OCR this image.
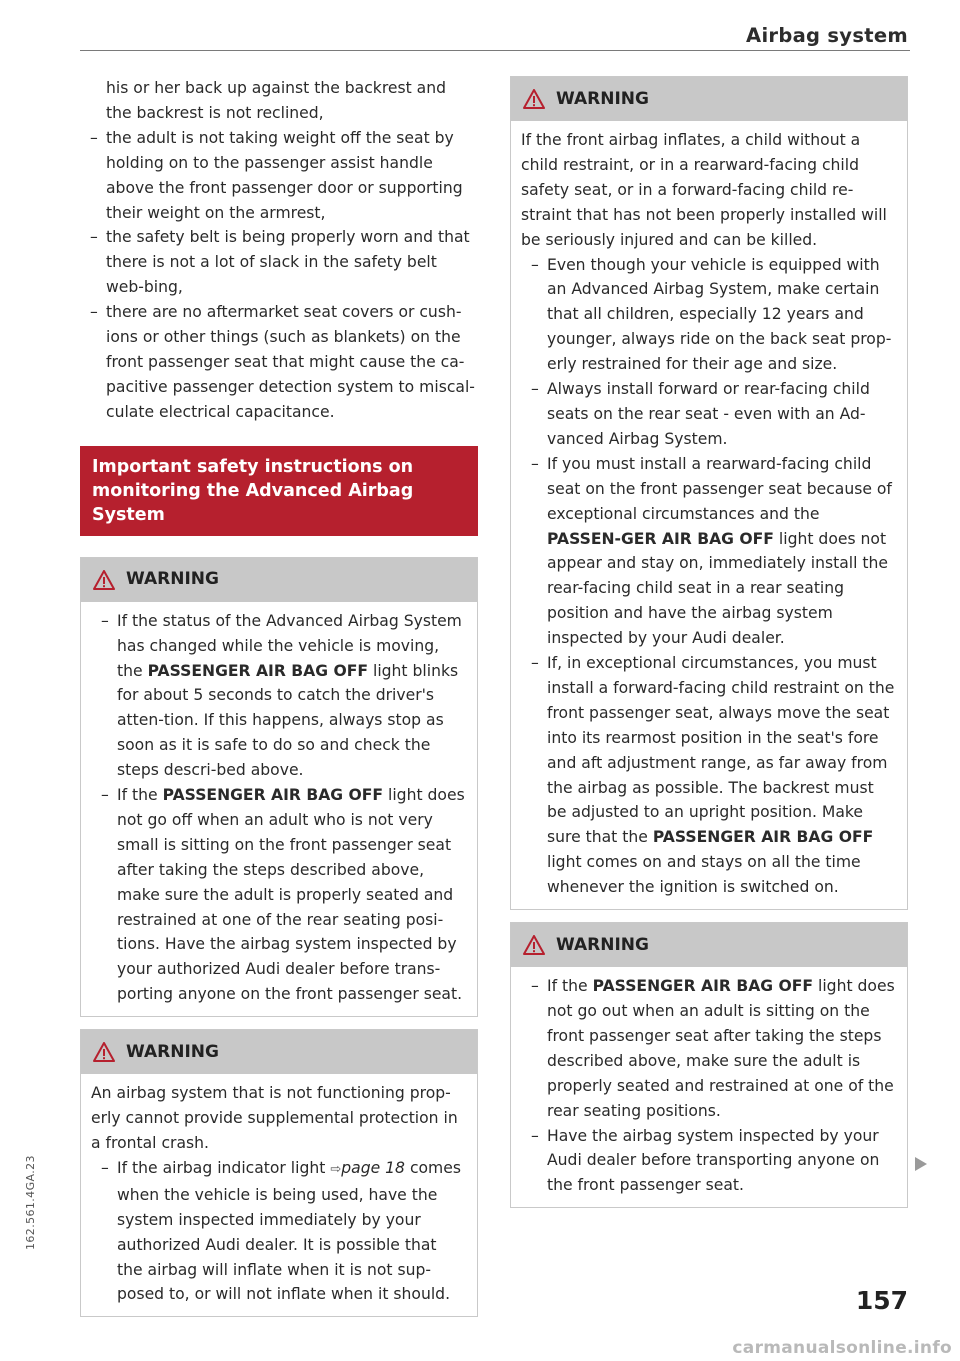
Airbag system
his or her back up against the backrest and the backrest is not reclined,
– the adult is not taking weight off the seat by holding on to the passenger assist handle above the front passenger door or supporting their weight on the armrest,
– the safety belt is being properly worn and that there is not a lot of slack in the safety belt web-bing,
– there are no aftermarket seat covers or cush-ions or other things (such as blankets) on the front passenger seat that might cause the ca-pacitive passenger detection system to miscal-culate electrical capacitance.
Important safety instructions on monitoring the Advanced Airbag System
WARNING
– If the status of the Advanced Airbag System has changed while the vehicle is moving, the PASSENGER AIR BAG OFF light blinks for about 5 seconds to catch the driver's atten-tion. If this happens, always stop as soon as it is safe to do so and check the steps descri-bed above.
– If the PASSENGER AIR BAG OFF light does not go off when an adult who is not very small is sitting on the front passenger seat after taking the steps described above, make sure the adult is properly seated and restrained at one of the rear seating posi-tions. Have the airbag system inspected by your authorized Audi dealer before trans-porting anyone on the front passenger seat.
WARNING
An airbag system that is not functioning prop-erly cannot provide supplemental protection in a frontal crash.
– If the airbag indicator light ⇨page 18 comes when the vehicle is being used, have the system inspected immediately by your authorized Audi dealer. It is possible that the airbag will inflate when it is not sup-posed to, or will not inflate when it should.
WARNING
If the front airbag inflates, a child without a child restraint, or in a rearward-facing child safety seat, or in a forward-facing child re-straint that has not been properly installed will be seriously injured and can be killed.
– Even though your vehicle is equipped with an Advanced Airbag System, make certain that all children, especially 12 years and younger, always ride on the back seat prop-erly restrained for their age and size.
– Always install forward or rear-facing child seats on the rear seat - even with an Ad-vanced Airbag System.
– If you must install a rearward-facing child seat on the front passenger seat because of exceptional circumstances and the PASSEN-GER AIR BAG OFF light does not appear and stay on, immediately install the rear-facing child seat in a rear seating position and have the airbag system inspected by your Audi dealer.
– If, in exceptional circumstances, you must install a forward-facing child restraint on the front passenger seat, always move the seat into its rearmost position in the seat's fore and aft adjustment range, as far away from the airbag as possible. The backrest must be adjusted to an upright position. Make sure that the PASSENGER AIR BAG OFF light comes on and stays on all the time whenever the ignition is switched on.
WARNING
– If the PASSENGER AIR BAG OFF light does not go out when an adult is sitting on the front passenger seat after taking the steps described above, make sure the adult is properly seated and restrained at one of the rear seating positions.
– Have the airbag system inspected by your Audi dealer before transporting anyone on the front passenger seat.
162.561.4GA.23
157
carmanualsonline.info
